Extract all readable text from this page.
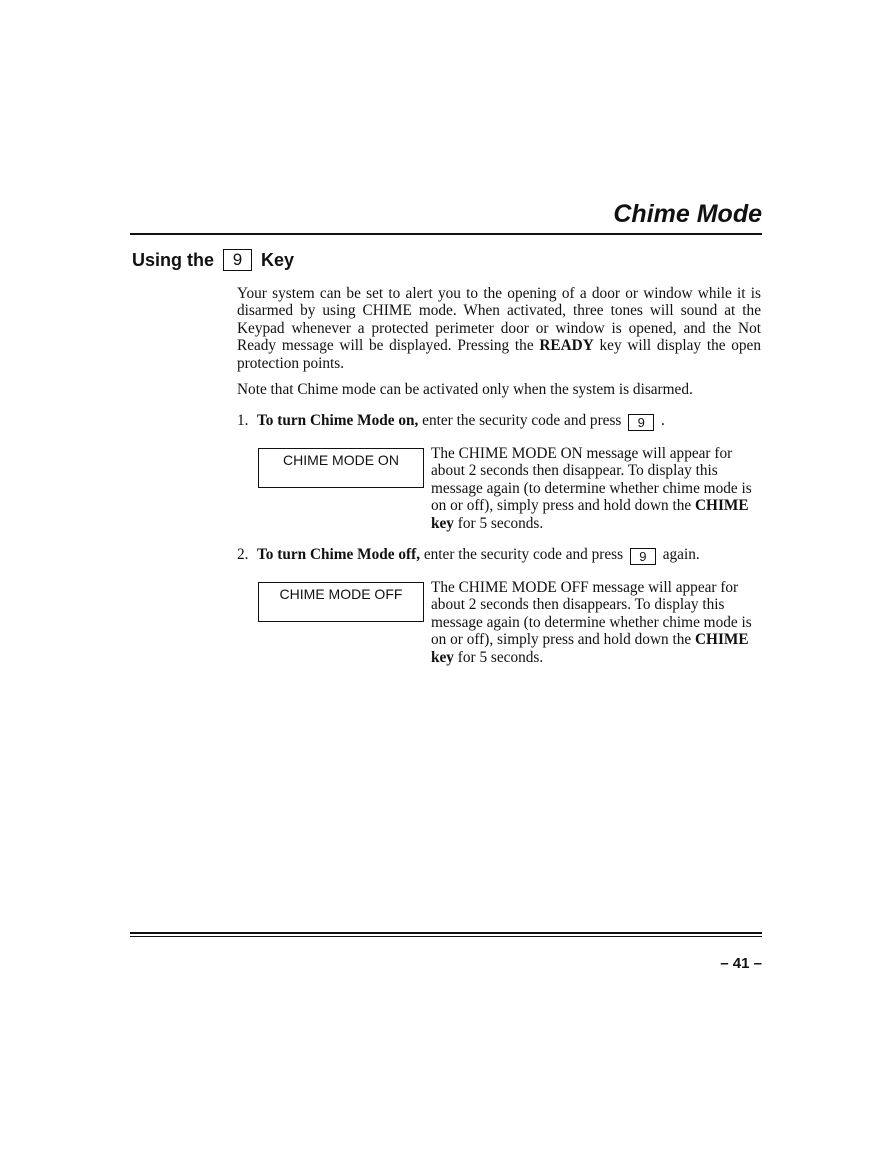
Chime Mode
Using the 9 Key

Your system can be set to alert you to the opening of a door or window while it is disarmed by using CHIME mode. When activated, three tones will sound at the Keypad whenever a protected perimeter door or window is opened, and the Not Ready message will be displayed. Pressing the READY key will display the open protection points.

Note that Chime mode can be activated only when the system is disarmed.

1. To turn Chime Mode on, enter the security code and press 9 .
CHIME MODE ON	The CHIME MODE ON message will appear for about 2 seconds then disappear. To display this message again (to determine whether chime mode is on or off), simply press and hold down the CHIME key for 5 seconds.

2. To turn Chime Mode off, enter the security code and press 9 again.
CHIME MODE OFF	The CHIME MODE OFF message will appear for about 2 seconds then disappears. To display this message again (to determine whether chime mode is on or off), simply press and hold down the CHIME key for 5 seconds.

– 41 –
